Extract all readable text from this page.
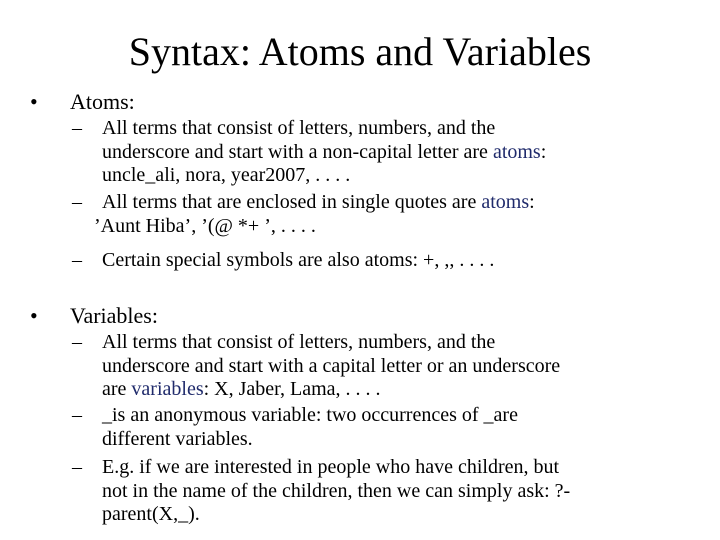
Syntax: Atoms and Variables
• Atoms:
– All terms that consist of letters, numbers, and the
underscore and start with a non-capital letter are atoms:
uncle_ali, nora, year2007, . . . .
– All terms that are enclosed in single quotes are atoms:
’Aunt Hiba’, ’(@ *+ ’, . . . .
– Certain special symbols are also atoms: +, ,, . . . .
• Variables:
– All terms that consist of letters, numbers, and the
underscore and start with a capital letter or an underscore
are variables: X, Jaber, Lama, . . . .
– _is an anonymous variable: two occurrences of _are
different variables.
– E.g. if we are interested in people who have children, but
not in the name of the children, then we can simply ask: ?-
parent(X,_).
